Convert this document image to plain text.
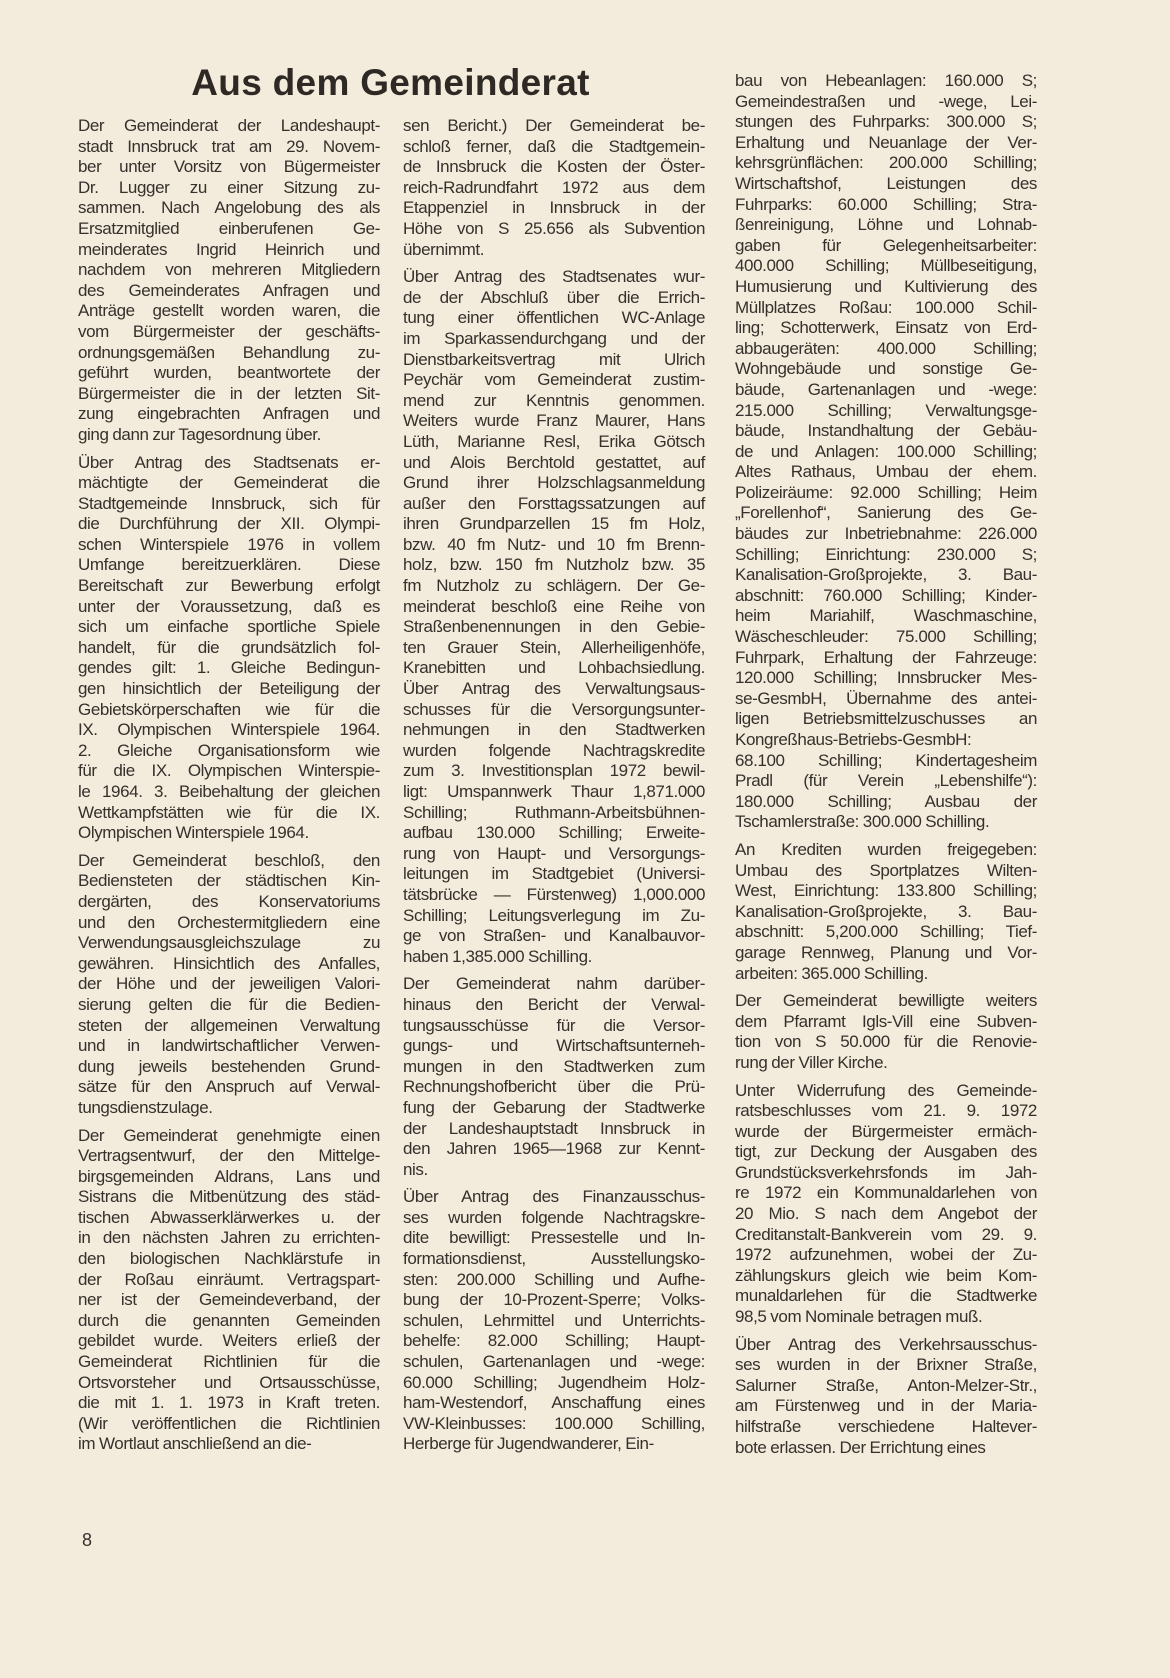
Aus dem Gemeinderat
Der Gemeinderat der Landeshaupt-
stadt Innsbruck trat am 29. Novem-
ber unter Vorsitz von Bügermeister
Dr. Lugger zu einer Sitzung zu-
sammen. Nach Angelobung des als
Ersatzmitglied einberufenen Ge-
meinderates Ingrid Heinrich und
nachdem von mehreren Mitgliedern
des Gemeinderates Anfragen und
Anträge gestellt worden waren, die
vom Bürgermeister der geschäfts-
ordnungsgemäßen Behandlung zu-
geführt wurden, beantwortete der
Bürgermeister die in der letzten Sit-
zung eingebrachten Anfragen und
ging dann zur Tagesordnung über.
Über Antrag des Stadtsenats er-
mächtigte der Gemeinderat die
Stadtgemeinde Innsbruck, sich für
die Durchführung der XII. Olympi-
schen Winterspiele 1976 in vollem
Umfange bereitzuerklären. Diese
Bereitschaft zur Bewerbung erfolgt
unter der Voraussetzung, daß es
sich um einfache sportliche Spiele
handelt, für die grundsätzlich fol-
gendes gilt: 1. Gleiche Bedingun-
gen hinsichtlich der Beteiligung der
Gebietskörperschaften wie für die
IX. Olympischen Winterspiele 1964.
2. Gleiche Organisationsform wie
für die IX. Olympischen Winterspie-
le 1964. 3. Beibehaltung der gleichen
Wettkampfstätten wie für die IX.
Olympischen Winterspiele 1964.
Der Gemeinderat beschloß, den
Bediensteten der städtischen Kin-
dergärten, des Konservatoriums
und den Orchestermitgliedern eine
Verwendungsausgleichszulage zu
gewähren. Hinsichtlich des Anfalles,
der Höhe und der jeweiligen Valori-
sierung gelten die für die Bedien-
steten der allgemeinen Verwaltung
und in landwirtschaftlicher Verwen-
dung jeweils bestehenden Grund-
sätze für den Anspruch auf Verwal-
tungsdienstzulage.
Der Gemeinderat genehmigte einen
Vertragsentwurf, der den Mittelge-
birgsgemeinden Aldrans, Lans und
Sistrans die Mitbenützung des städ-
tischen Abwasserklärwerkes u. der
in den nächsten Jahren zu errichten-
den biologischen Nachklärstufe in
der Roßau einräumt. Vertragspart-
ner ist der Gemeindeverband, der
durch die genannten Gemeinden
gebildet wurde. Weiters erließ der
Gemeinderat Richtlinien für die
Ortsvorsteher und Ortsausschüsse,
die mit 1. 1. 1973 in Kraft treten.
(Wir veröffentlichen die Richtlinien
im Wortlaut anschließend an die-
sen Bericht.) Der Gemeinderat be-
schloß ferner, daß die Stadtgemein-
de Innsbruck die Kosten der Öster-
reich-Radrundfahrt 1972 aus dem
Etappenziel in Innsbruck in der
Höhe von S 25.656 als Subvention
übernimmt.
Über Antrag des Stadtsenates wur-
de der Abschluß über die Errich-
tung einer öffentlichen WC-Anlage
im Sparkassendurchgang und der
Dienstbarkeitsvertrag mit Ulrich
Peychär vom Gemeinderat zustim-
mend zur Kenntnis genommen.
Weiters wurde Franz Maurer, Hans
Lüth, Marianne Resl, Erika Götsch
und Alois Berchtold gestattet, auf
Grund ihrer Holzschlagsanmeldung
außer den Forsttagssatzungen auf
ihren Grundparzellen 15 fm Holz,
bzw. 40 fm Nutz- und 10 fm Brenn-
holz, bzw. 150 fm Nutzholz bzw. 35
fm Nutzholz zu schlägern. Der Ge-
meinderat beschloß eine Reihe von
Straßenbenennungen in den Gebie-
ten Grauer Stein, Allerheiligenhöfe,
Kranebitten und Lohbachsiedlung.
Über Antrag des Verwaltungsaus-
schusses für die Versorgungsunter-
nehmungen in den Stadtwerken
wurden folgende Nachtragskredite
zum 3. Investitionsplan 1972 bewil-
ligt: Umspannwerk Thaur 1,871.000
Schilling; Ruthmann-Arbeitsbühnen-
aufbau 130.000 Schilling; Erweite-
rung von Haupt- und Versorgungs-
leitungen im Stadtgebiet (Universi-
tätsbrücke — Fürstenweg) 1,000.000
Schilling; Leitungsverlegung im Zu-
ge von Straßen- und Kanalbauvor-
haben 1,385.000 Schilling.
Der Gemeinderat nahm darüber-
hinaus den Bericht der Verwal-
tungsausschüsse für die Versor-
gungs- und Wirtschaftsunterneh-
mungen in den Stadtwerken zum
Rechnungshofbericht über die Prü-
fung der Gebarung der Stadtwerke
der Landeshauptstadt Innsbruck in
den Jahren 1965—1968 zur Kennt-
nis.
Über Antrag des Finanzausschus-
ses wurden folgende Nachtragskre-
dite bewilligt: Pressestelle und In-
formationsdienst, Ausstellungsko-
sten: 200.000 Schilling und Aufhe-
bung der 10-Prozent-Sperre; Volks-
schulen, Lehrmittel und Unterrichts-
behelfe: 82.000 Schilling; Haupt-
schulen, Gartenanlagen und -wege:
60.000 Schilling; Jugendheim Holz-
ham-Westendorf, Anschaffung eines
VW-Kleinbusses: 100.000 Schilling,
Herberge für Jugendwanderer, Ein-
bau von Hebeanlagen: 160.000 S;
Gemeindestraßen und -wege, Lei-
stungen des Fuhrparks: 300.000 S;
Erhaltung und Neuanlage der Ver-
kehrsgrünflächen: 200.000 Schilling;
Wirtschaftshof, Leistungen des
Fuhrparks: 60.000 Schilling; Stra-
ßenreinigung, Löhne und Lohnab-
gaben für Gelegenheitsarbeiter:
400.000 Schilling; Müllbeseitigung,
Humusierung und Kultivierung des
Müllplatzes Roßau: 100.000 Schil-
ling; Schotterwerk, Einsatz von Erd-
abbaugeräten: 400.000 Schilling;
Wohngebäude und sonstige Ge-
bäude, Gartenanlagen und -wege:
215.000 Schilling; Verwaltungsge-
bäude, Instandhaltung der Gebäu-
de und Anlagen: 100.000 Schilling;
Altes Rathaus, Umbau der ehem.
Polizeiräume: 92.000 Schilling; Heim
„Forellenhof“, Sanierung des Ge-
bäudes zur Inbetriebnahme: 226.000
Schilling; Einrichtung: 230.000 S;
Kanalisation-Großprojekte, 3. Bau-
abschnitt: 760.000 Schilling; Kinder-
heim Mariahilf, Waschmaschine,
Wäscheschleuder: 75.000 Schilling;
Fuhrpark, Erhaltung der Fahrzeuge:
120.000 Schilling; Innsbrucker Mes-
se-GesmbH, Übernahme des antei-
ligen Betriebsmittelzuschusses an
Kongreßhaus-Betriebs-GesmbH:
68.100 Schilling; Kindertagesheim
Pradl (für Verein „Lebenshilfe“):
180.000 Schilling; Ausbau der
Tschamlerstraße: 300.000 Schilling.
An Krediten wurden freigegeben:
Umbau des Sportplatzes Wilten-
West, Einrichtung: 133.800 Schilling;
Kanalisation-Großprojekte, 3. Bau-
abschnitt: 5,200.000 Schilling; Tief-
garage Rennweg, Planung und Vor-
arbeiten: 365.000 Schilling.
Der Gemeinderat bewilligte weiters
dem Pfarramt Igls-Vill eine Subven-
tion von S 50.000 für die Renovie-
rung der Viller Kirche.
Unter Widerrufung des Gemeinde-
ratsbeschlusses vom 21. 9. 1972
wurde der Bürgermeister ermäch-
tigt, zur Deckung der Ausgaben des
Grundstücksverkehrsfonds im Jah-
re 1972 ein Kommunaldarlehen von
20 Mio. S nach dem Angebot der
Creditanstalt-Bankverein vom 29. 9.
1972 aufzunehmen, wobei der Zu-
zählungskurs gleich wie beim Kom-
munaldarlehen für die Stadtwerke
98,5 vom Nominale betragen muß.
Über Antrag des Verkehrsausschus-
ses wurden in der Brixner Straße,
Salurner Straße, Anton-Melzer-Str.,
am Fürstenweg und in der Maria-
hilfstraße verschiedene Haltever-
bote erlassen. Der Errichtung eines
8
